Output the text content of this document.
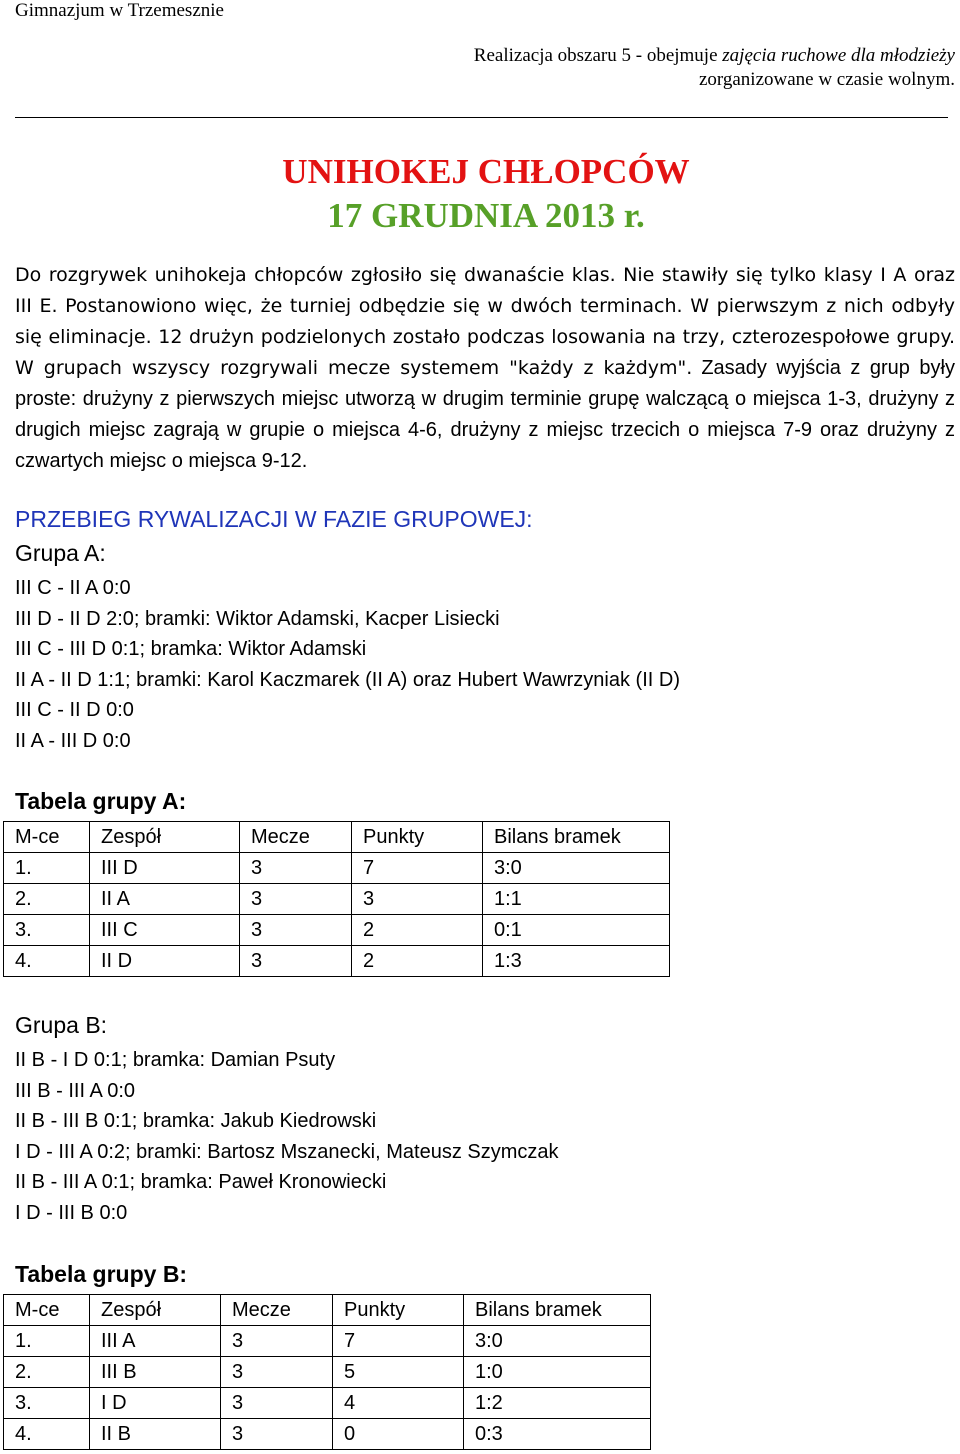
Gimnazjum w Trzemesznie
Realizacja obszaru 5 - obejmuje zajęcia ruchowe dla młodzieży
zorganizowane w czasie wolnym.
UNIHOKEJ CHŁOPCÓW
17 GRUDNIA 2013 r.
Do rozgrywek unihokeja chłopców zgłosiło się dwanaście klas. Nie stawiły się tylko klasy I A oraz III E. Postanowiono więc, że turniej odbędzie się w dwóch terminach. W pierwszym z nich odbyły się eliminacje. 12 drużyn podzielonych zostało podczas losowania na trzy, czterozespołowe grupy. W grupach wszyscy rozgrywali mecze systemem "każdy z każdym". Zasady wyjścia z grup były proste: drużyny z pierwszych miejsc utworzą w drugim terminie grupę walczącą o miejsca 1-3, drużyny z drugich miejsc zagrają w grupie o miejsca 4-6, drużyny z miejsc trzecich o miejsca 7-9 oraz drużyny z czwartych miejsc o miejsca 9-12.
PRZEBIEG RYWALIZACJI W FAZIE GRUPOWEJ:
Grupa A:
III C - II A 0:0
III D - II D 2:0; bramki: Wiktor Adamski, Kacper Lisiecki
III C - III D 0:1; bramka: Wiktor Adamski
II A - II D 1:1; bramki: Karol Kaczmarek (II A) oraz Hubert Wawrzyniak (II D)
III C - II D 0:0
II A - III D 0:0
Tabela grupy A:
M-ce	Zespół	Mecze	Punkty	Bilans bramek
1.	III D	3	7	3:0
2.	II A	3	3	1:1
3.	III C	3	2	0:1
4.	II D	3	2	1:3
Grupa B:
II B - I D 0:1; bramka: Damian Psuty
III B - III A 0:0
II B - III B 0:1; bramka: Jakub Kiedrowski
I D - III A 0:2; bramki: Bartosz Mszanecki, Mateusz Szymczak
II B - III A 0:1; bramka: Paweł Kronowiecki
I D - III B 0:0
Tabela grupy B:
M-ce	Zespół	Mecze	Punkty	Bilans bramek
1.	III A	3	7	3:0
2.	III B	3	5	1:0
3.	I D	3	4	1:2
4.	II B	3	0	0:3
